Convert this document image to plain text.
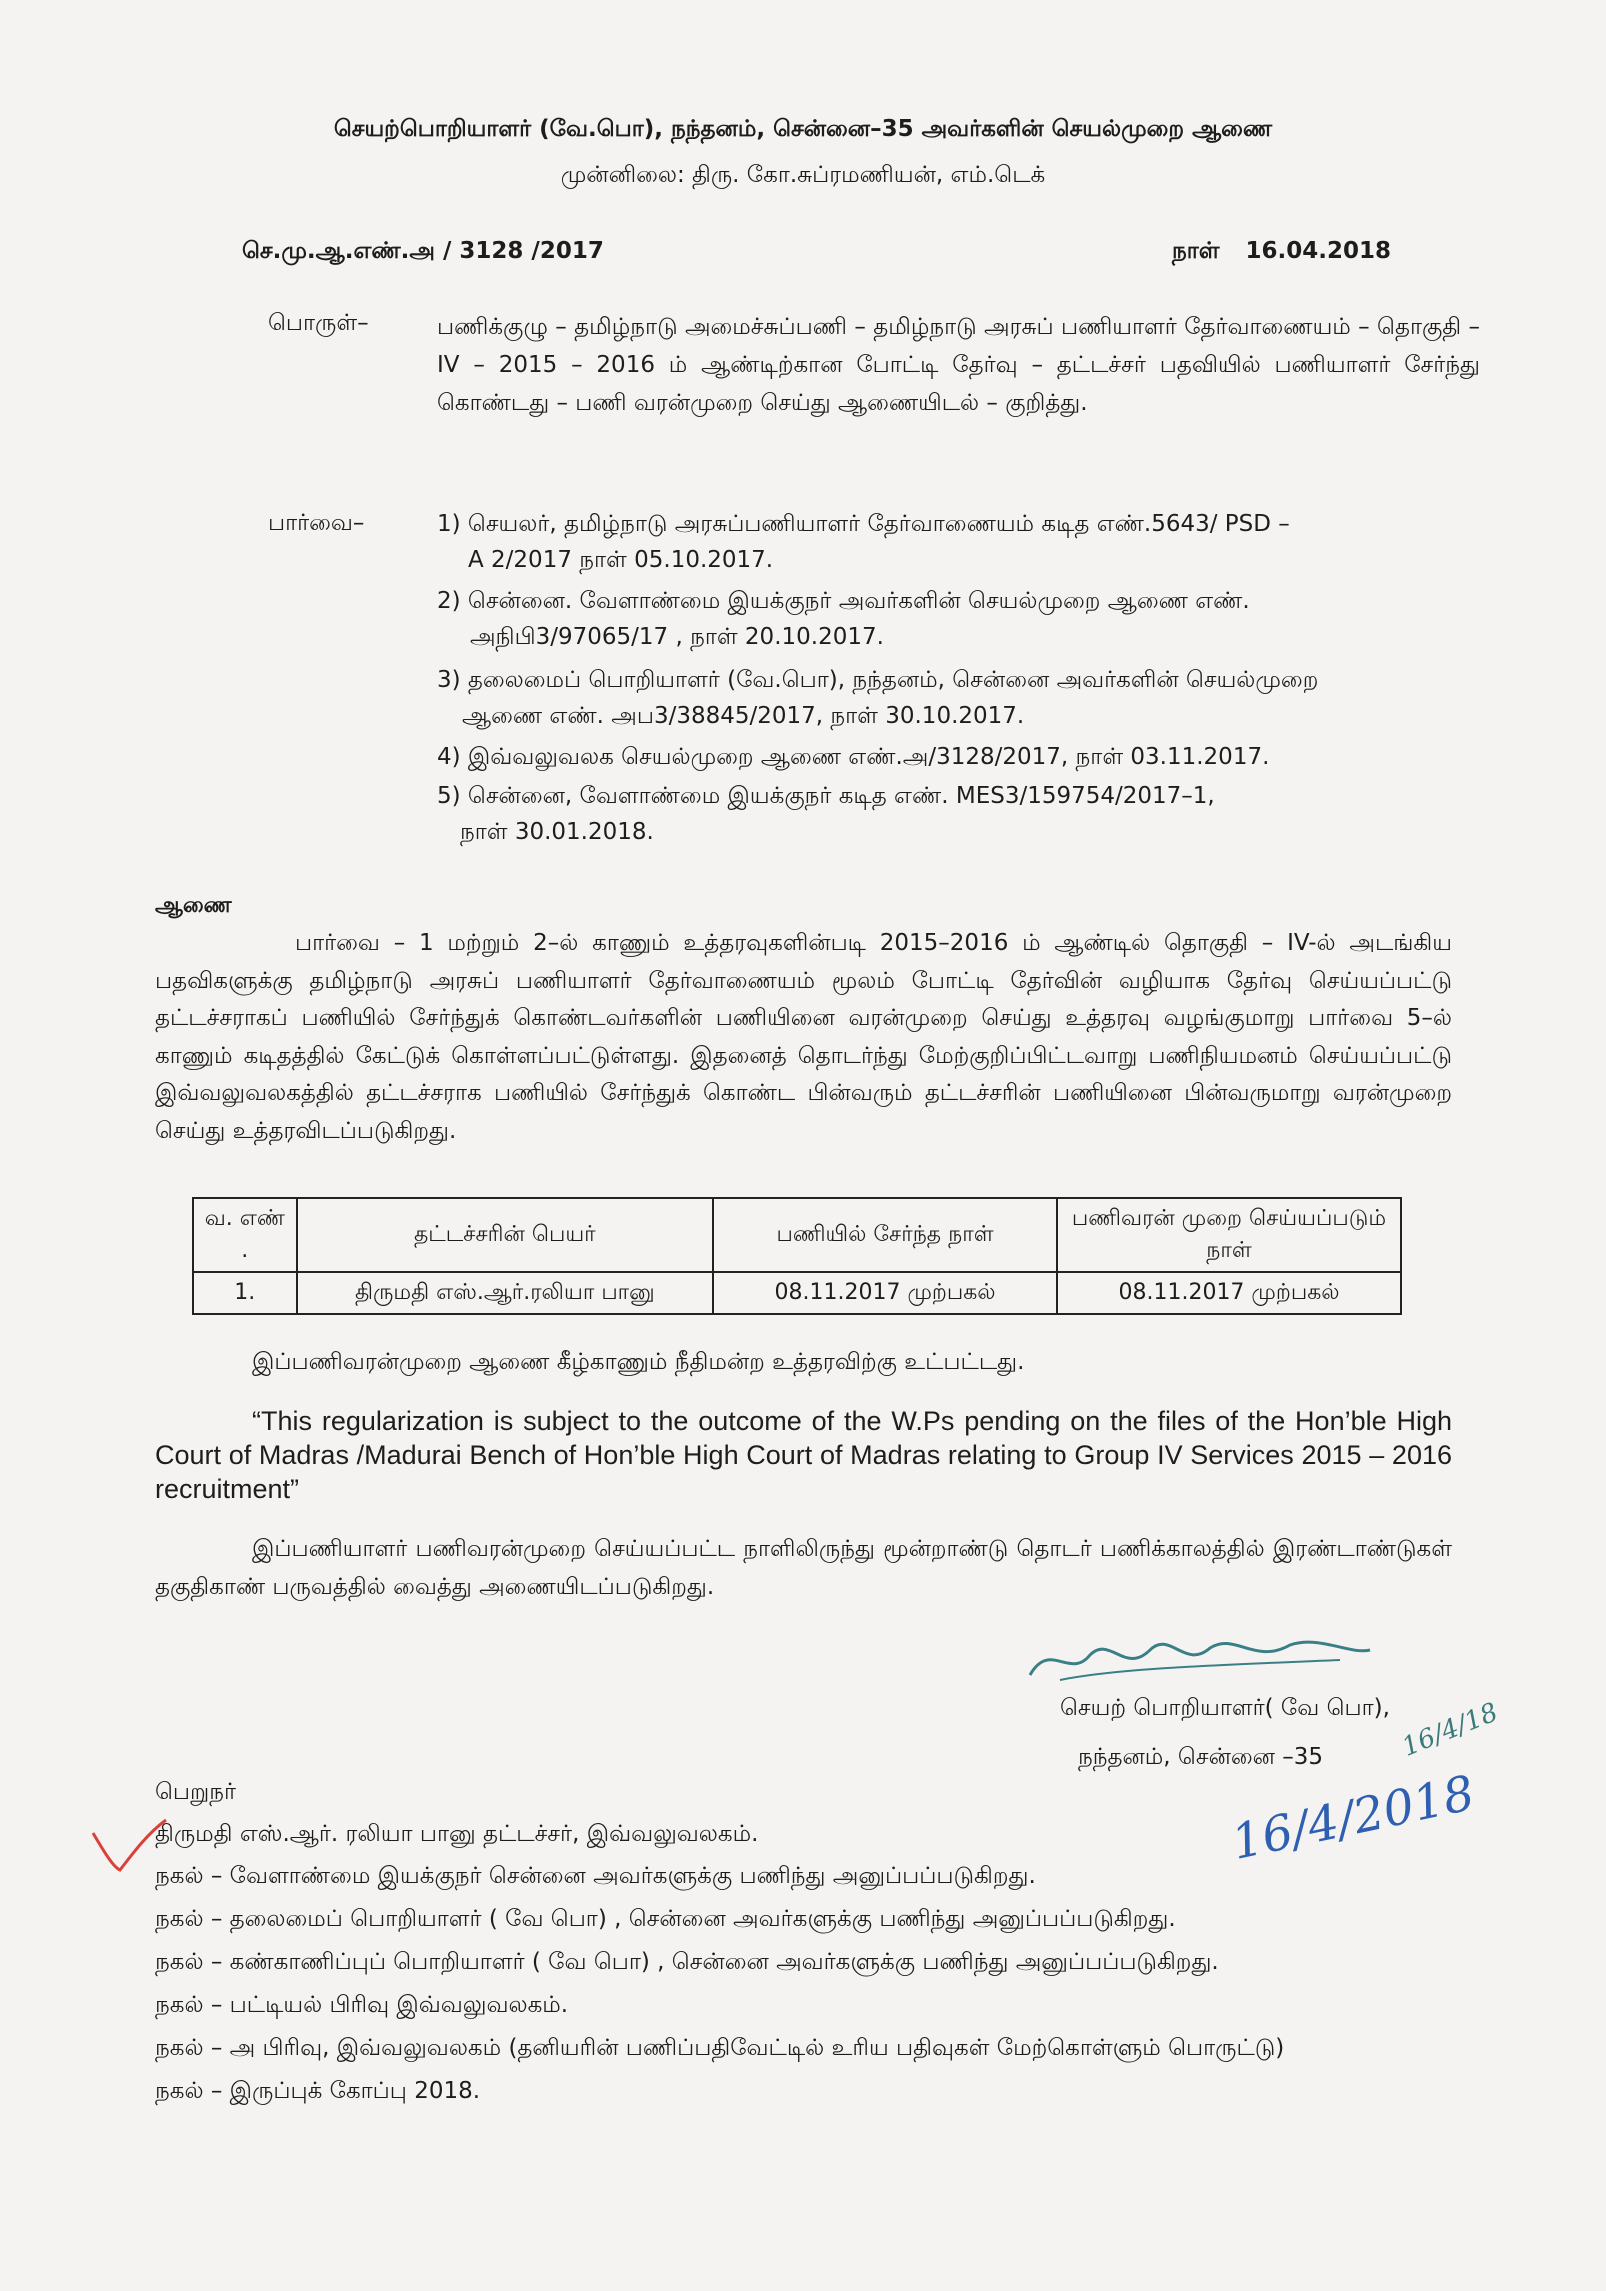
செயற்பொறியாளர் (வே.பொ), நந்தனம், சென்னை–35 அவர்களின் செயல்முறை ஆணை
முன்னிலை: திரு. கோ.சுப்ரமணியன், எம்.டெக்
செ.மு.ஆ.எண்.அ / 3128 /2017	நாள் 16.04.2018
பொருள்–	பணிக்குழு – தமிழ்நாடு அமைச்சுப்பணி – தமிழ்நாடு அரசுப் பணியாளர் தேர்வாணையம் – தொகுதி – IV – 2015 – 2016 ம் ஆண்டிற்கான போட்டி தேர்வு – தட்டச்சர் பதவியில் பணியாளர் சேர்ந்து கொண்டது – பணி வரன்முறை செய்து ஆணையிடல் – குறித்து.
பார்வை–	1) செயலர், தமிழ்நாடு அரசுப்பணியாளர் தேர்வாணையம் கடித எண்.5643/ PSD –
A 2/2017 நாள் 05.10.2017.
2) சென்னை. வேளாண்மை இயக்குநர் அவர்களின் செயல்முறை ஆணை எண்.
அநிபி3/97065/17 , நாள் 20.10.2017.
3) தலைமைப் பொறியாளர் (வே.பொ), நந்தனம், சென்னை அவர்களின் செயல்முறை
ஆணை எண். அப3/38845/2017, நாள் 30.10.2017.
4) இவ்வலுவலக செயல்முறை ஆணை எண்.அ/3128/2017, நாள் 03.11.2017.
5) சென்னை, வேளாண்மை இயக்குநர் கடித எண். MES3/159754/2017–1,
நாள் 30.01.2018.
ஆணை
பார்வை – 1 மற்றும் 2–ல் காணும் உத்தரவுகளின்படி 2015–2016 ம் ஆண்டில் தொகுதி – IV-ல் அடங்கிய பதவிகளுக்கு தமிழ்நாடு அரசுப் பணியாளர் தேர்வாணையம் மூலம் போட்டி தேர்வின் வழியாக தேர்வு செய்யப்பட்டு தட்டச்சராகப் பணியில் சேர்ந்துக் கொண்டவர்களின் பணியினை வரன்முறை செய்து உத்தரவு வழங்குமாறு பார்வை 5–ல் காணும் கடிதத்தில் கேட்டுக் கொள்ளப்பட்டுள்ளது. இதனைத் தொடர்ந்து மேற்குறிப்பிட்டவாறு பணிநியமனம் செய்யப்பட்டு இவ்வலுவலகத்தில் தட்டச்சராக பணியில் சேர்ந்துக் கொண்ட பின்வரும் தட்டச்சரின் பணியினை பின்வருமாறு வரன்முறை செய்து உத்தரவிடப்படுகிறது.
வ. எண் .	தட்டச்சரின் பெயர்	பணியில் சேர்ந்த நாள்	பணிவரன் முறை செய்யப்படும் நாள்
1.	திருமதி எஸ்.ஆர்.ரலியா பானு	08.11.2017 முற்பகல்	08.11.2017 முற்பகல்
இப்பணிவரன்முறை ஆணை கீழ்காணும் நீதிமன்ற உத்தரவிற்கு உட்பட்டது.
“This regularization is subject to the outcome of the W.Ps pending on the files of the Hon’ble High Court of Madras /Madurai Bench of Hon’ble High Court of Madras relating to Group IV Services 2015 – 2016 recruitment”
இப்பணியாளர் பணிவரன்முறை செய்யப்பட்ட நாளிலிருந்து மூன்றாண்டு தொடர் பணிக்காலத்தில் இரண்டாண்டுகள் தகுதிகாண் பருவத்தில் வைத்து அணையிடப்படுகிறது.
செயற் பொறியாளர்( வே பொ),
நந்தனம், சென்னை –35	16/4/18
16/4/2018
பெறுநர்
திருமதி எஸ்.ஆர். ரலியா பானு தட்டச்சர், இவ்வலுவலகம்.
நகல் – வேளாண்மை இயக்குநர் சென்னை அவர்களுக்கு பணிந்து அனுப்பப்படுகிறது.
நகல் – தலைமைப் பொறியாளர் ( வே பொ) , சென்னை அவர்களுக்கு பணிந்து அனுப்பப்படுகிறது.
நகல் – கண்காணிப்புப் பொறியாளர் ( வே பொ) , சென்னை அவர்களுக்கு பணிந்து அனுப்பப்படுகிறது.
நகல் – பட்டியல் பிரிவு இவ்வலுவலகம்.
நகல் – அ பிரிவு, இவ்வலுவலகம் (தனியரின் பணிப்பதிவேட்டில் உரிய பதிவுகள் மேற்கொள்ளும் பொருட்டு)
நகல் – இருப்புக் கோப்பு 2018.
